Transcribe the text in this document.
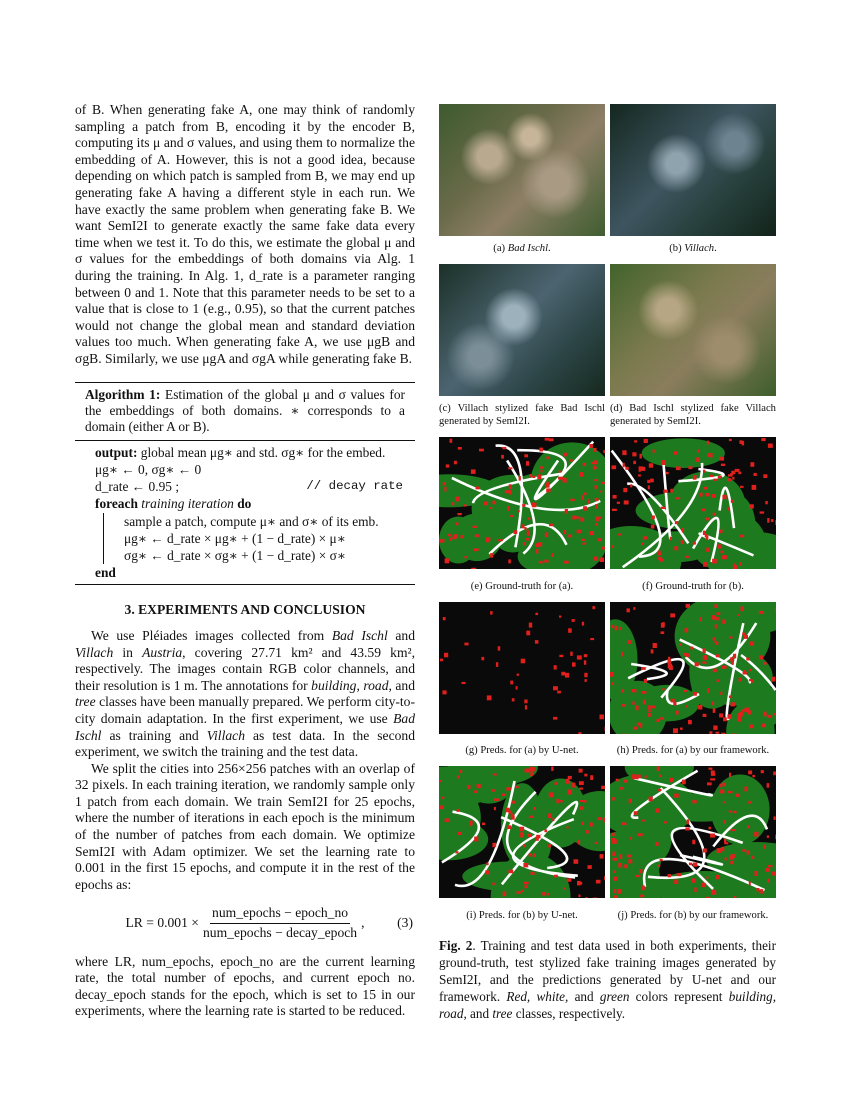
of B. When generating fake A, one may think of randomly sampling a patch from B, encoding it by the encoder B, computing its μ and σ values, and using them to normalize the embedding of A. However, this is not a good idea, because depending on which patch is sampled from B, we may end up generating fake A having a different style in each run. We have exactly the same problem when generating fake B. We want SemI2I to generate exactly the same fake data every time when we test it. To do this, we estimate the global μ and σ values for the embeddings of both domains via Alg. 1 during the training. In Alg. 1, d_rate is a parameter ranging between 0 and 1. Note that this parameter needs to be set to a value that is close to 1 (e.g., 0.95), so that the current patches would not change the global mean and standard deviation values too much. When generating fake A, we use μgB and σgB. Similarly, we use μgA and σgA while generating fake B.

Algorithm 1: Estimation of the global μ and σ values for the embeddings of both domains. ∗ corresponds to a domain (either A or B).
output: global mean μg∗ and std. σg∗ for the embed.
μg∗ ← 0, σg∗ ← 0
d_rate ← 0.95 ;	// decay rate
foreach training iteration do
sample a patch, compute μ∗ and σ∗ of its emb.
μg∗ ← d_rate × μg∗ + (1 − d_rate) × μ∗
σg∗ ← d_rate × σg∗ + (1 − d_rate) × σ∗
end
3. EXPERIMENTS AND CONCLUSION

We use Pléiades images collected from Bad Ischl and Villach in Austria, covering 27.71 km² and 43.59 km², respectively. The images contain RGB color channels, and their resolution is 1 m. The annotations for building, road, and tree classes have been manually prepared. We perform city-to-city domain adaptation. In the first experiment, we use Bad Ischl as training and Villach as test data. In the second experiment, we switch the training and the test data.

We split the cities into 256×256 patches with an overlap of 32 pixels. In each training iteration, we randomly sample only 1 patch from each domain. We train SemI2I for 25 epochs, where the number of iterations in each epoch is the minimum of the number of patches from each domain. We optimize SemI2I with Adam optimizer. We set the learning rate to 0.001 in the first 15 epochs, and compute it in the rest of the epochs as:

LR = $0.001 \times \frac{\text{num\_epochs − epoch\_no}}{\text{num\_epochs − decay\_epoch}}$ , (3)

where LR, num_epochs, epoch_no are the current learning rate, the total number of epochs, and current epoch no. decay_epoch stands for the epoch, which is set to 15 in our experiments, where the learning rate is started to be reduced.

(a) Bad Ischl.	(b) Villach.
(c) Villach stylized fake Bad Ischl generated by SemI2I.
(d) Bad Ischl stylized fake Villach generated by SemI2I.
(e) Ground-truth for (a).	(f) Ground-truth for (b).
(g) Preds. for (a) by U-net.	(h) Preds. for (a) by our framework.
(i) Preds. for (b) by U-net.	(j) Preds. for (b) by our framework.

Fig. 2. Training and test data used in both experiments, their ground-truth, test stylized fake training images generated by SemI2I, and the predictions generated by U-net and our framework. Red, white, and green colors represent building, road, and tree classes, respectively.
